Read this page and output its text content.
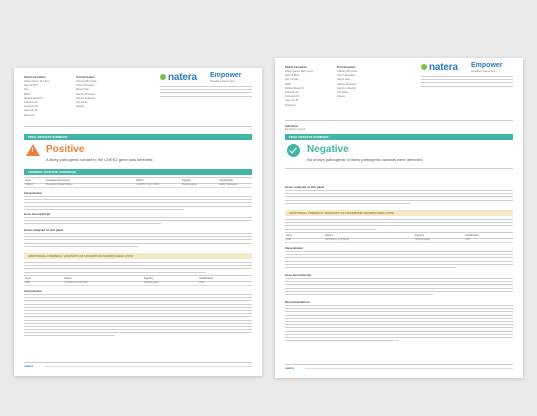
Patient Information
Patient Name: Don Doe
Date Of Birth:
Sex:
MRN:
Medical Record #:
Collection Id:
Accession ID:
Case File ID:
Specimen:
Test Information
Ordering Physician:
Clinic Information:
Report Date:
Sample Received:
Sample Collected:
Test Name:
Reason:
natera Empower
Hereditary Cancer Test
FINAL RESULTS SUMMARY
! Positive
A likely pathogenic variant in the CHEK2 gene was detected.
FINDINGS: POSITIVE VARIANT(S)
Gene	Associated Disease(s)	Variant	Zygosity	Classification
CHEK2	Hereditary Breast Cancer	c.1427C>T (p.T476M)	Heterozygous	Likely Pathogenic
Interpretation
Gene description(s)
Genes analyzed on this panel
ADDITIONAL FINDINGS: VARIANTS OF UNCERTAIN SIGNIFICANCE (VUS)
Gene	Variant	Zygosity	Classification
BLM	c.2254G>A (p.D752N)	Heterozygous	VUS
Interpretation
natera
Patient Information
Patient Name: Mary Lewis
Date Of Birth:
Sex: Female
MRN:
Medical Record #:
Collection Id:
Accession ID:
Case File ID:
Specimen:
Test Information
Ordering Physician:
Clinic Information:
Report Date:
Sample Received:
Sample Collected:
Test Name:
Reason:
natera Empower
Hereditary Cancer Test
Indication
No history of Lynch
FINAL RESULTS SUMMARY
Negative
No known pathogenic or likely pathogenic variants were detected.
Genes analyzed on this panel
ADDITIONAL FINDINGS: VARIANTS OF UNCERTAIN SIGNIFICANCE (VUS)
Gene	Variant	Zygosity	Classification
ATM	c.2372A>G (p.N791S)	Heterozygous	VUS
Interpretation
Gene description(s)
Recommendations
natera
